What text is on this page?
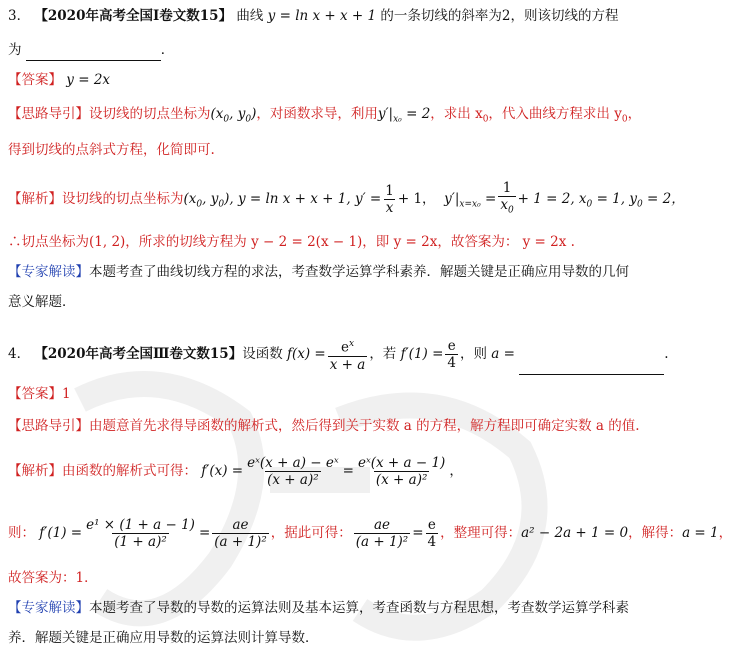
3． 【2020年高考全国Ⅰ卷文数15】 曲线 y = ln x + x + 1 的一条切线的斜率为2，则该切线的方程
为	．
【答案】 y = 2x
【思路导引】设切线的切点坐标为($x_0$, $y_0$)，对函数求导，利用$y'|_{x_0} = 2$，求出 $x_0$，代入曲线方程求出 $y_0$，
得到切线的点斜式方程，化简即可.
【解析】设切线的切点坐标为($x_0$, $y_0$), y = ln x + x + 1, $y' = \frac{1}{x} + 1$， $y'|_{x=x_0} = \frac{1}{x_0} + 1 = 2$, $x_0 = 1$, $y_0 = 2$，
∴切点坐标为(1, 2)，所求的切线方程为 y − 2 = 2(x − 1)，即 y = 2x，故答案为： y = 2x .
【专家解读】本题考查了曲线切线方程的求法，考查数学运算学科素养．解题关键是正确应用导数的几何
意义解题．
4． 【2020年高考全国Ⅲ卷文数15】设函数 $f(x) = \frac{e^x}{x + a}$ ，若 $f'(1) = \frac{e}{4}$ ，则 a =	.
【答案】1
【思路导引】由题意首先求得导函数的解析式，然后得到关于实数 a 的方程，解方程即可确定实数 a 的值.
【解析】由函数的解析式可得： $f'(x) = \frac{\text{eˣ(x + a) − eˣ}}{\text{(x + a)²}} = \frac{\text{eˣ(x + a − 1)}}{\text{(x + a)²}}$ ，
则： $f'(1) = \frac{\text{e¹ × (1 + a − 1)}}{\text{(1 + a)²}} = \frac{ae}{\text{(a + 1)²}}$ ，据此可得： $\frac{ae}{\text{(a + 1)²}} = \frac{e}{4}$ ，整理可得：a² − 2a + 1 = 0，解得：a = 1，
故答案为：1．
【专家解读】本题考查了导数的导数的运算法则及基本运算，考查函数与方程思想，考查数学运算学科素
养．解题关键是正确应用导数的运算法则计算导数．
